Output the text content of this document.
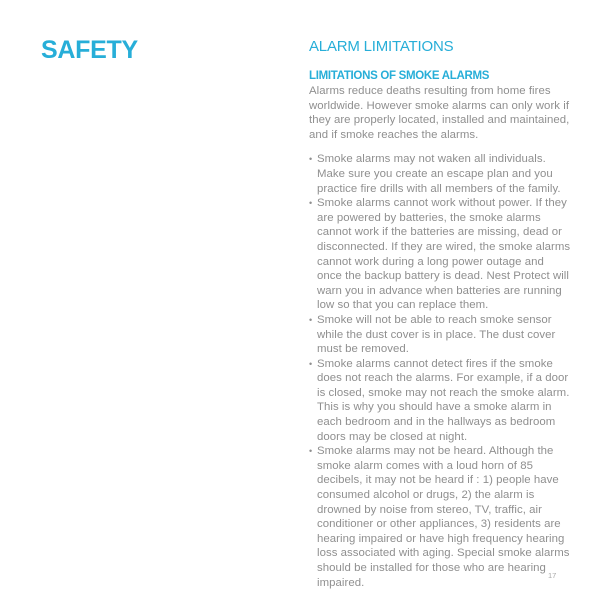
SAFETY	ALARM LIMITATIONS
LIMITATIONS OF SMOKE ALARMS

Alarms reduce deaths resulting from home fires worldwide. However smoke alarms can only work if they are properly located, installed and maintained, and if smoke reaches the alarms.

• Smoke alarms may not waken all individuals. Make sure you create an escape plan and you practice fire drills with all members of the family.
• Smoke alarms cannot work without power. If they are powered by batteries, the smoke alarms cannot work if the batteries are missing, dead or disconnected. If they are wired, the smoke alarms cannot work during a long power outage and once the backup battery is dead. Nest Protect will warn you in advance when batteries are running low so that you can replace them.
• Smoke will not be able to reach smoke sensor while the dust cover is in place. The dust cover must be removed.
• Smoke alarms cannot detect fires if the smoke does not reach the alarms. For example, if a door is closed, smoke may not reach the smoke alarm. This is why you should have a smoke alarm in each bedroom and in the hallways as bedroom doors may be closed at night.
• Smoke alarms may not be heard. Although the smoke alarm comes with a loud horn of 85 decibels, it may not be heard if : 1) people have consumed alcohol or drugs, 2) the alarm is drowned by noise from stereo, TV, traffic, air conditioner or other appliances, 3) residents are hearing impaired or have high frequency hearing loss associated with aging. Special smoke alarms should be installed for those who are hearing impaired.
17
